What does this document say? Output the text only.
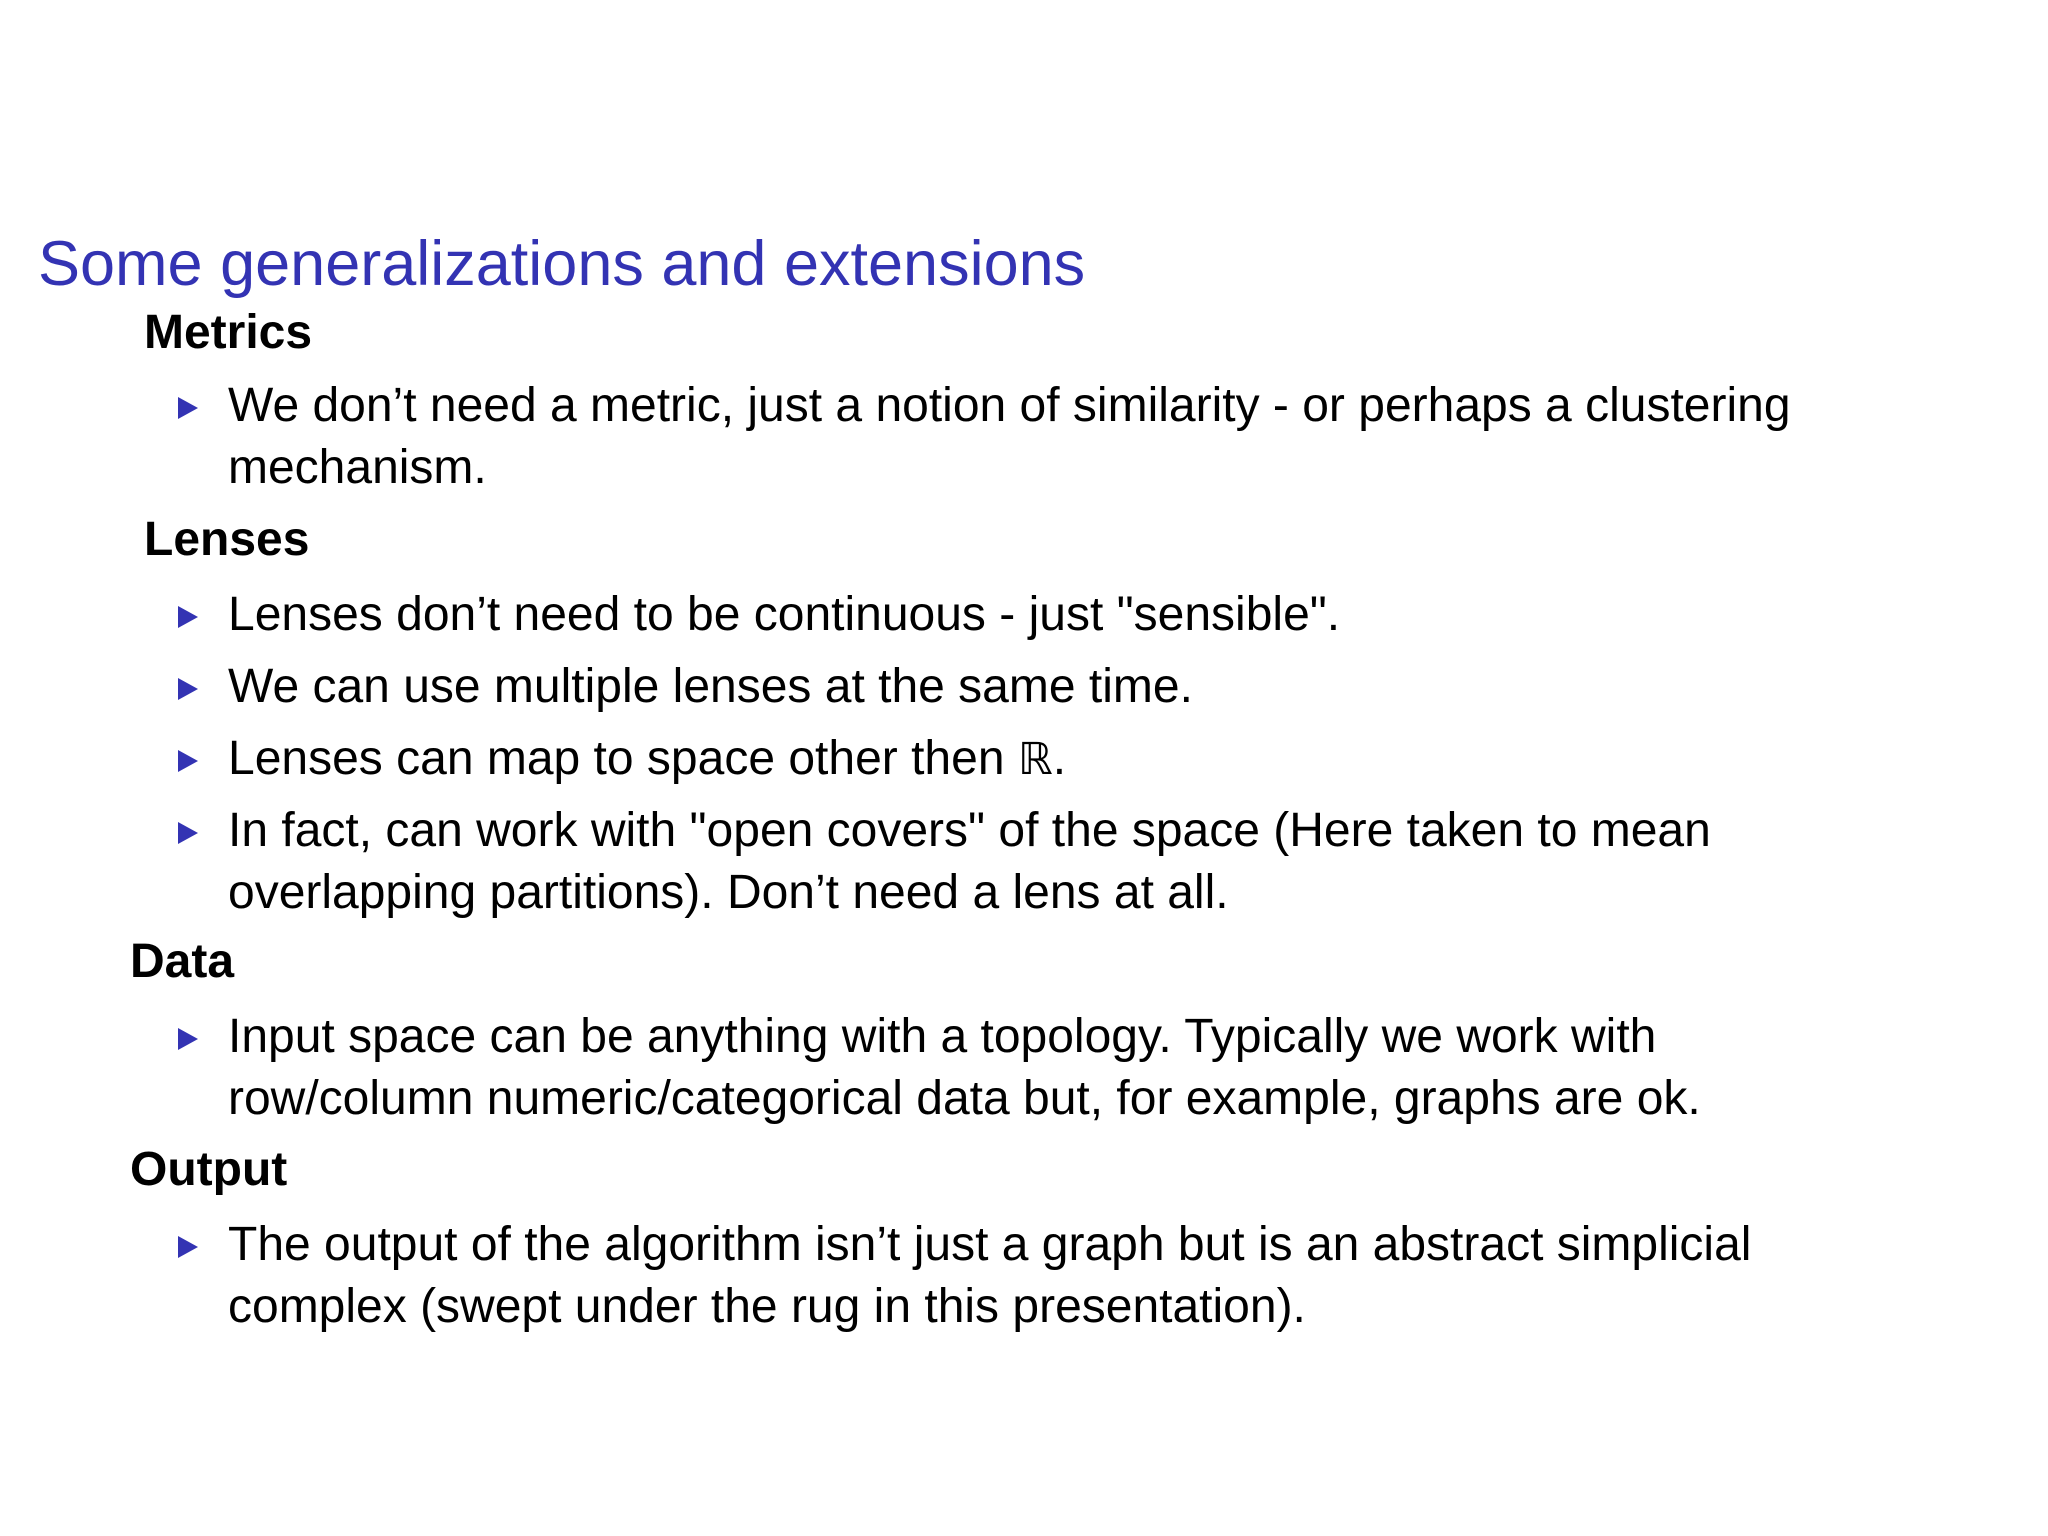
Some generalizations and extensions
Metrics

We don’t need a metric, just a notion of similarity - or perhaps a clustering
mechanism.

Lenses

Lenses don’t need to be continuous - just "sensible".

We can use multiple lenses at the same time.

Lenses can map to space other then ℝ.

In fact, can work with "open covers" of the space (Here taken to mean
overlapping partitions). Don’t need a lens at all.

Data

Input space can be anything with a topology. Typically we work with
row/column numeric/categorical data but, for example, graphs are ok.

Output

The output of the algorithm isn’t just a graph but is an abstract simplicial
complex (swept under the rug in this presentation).
